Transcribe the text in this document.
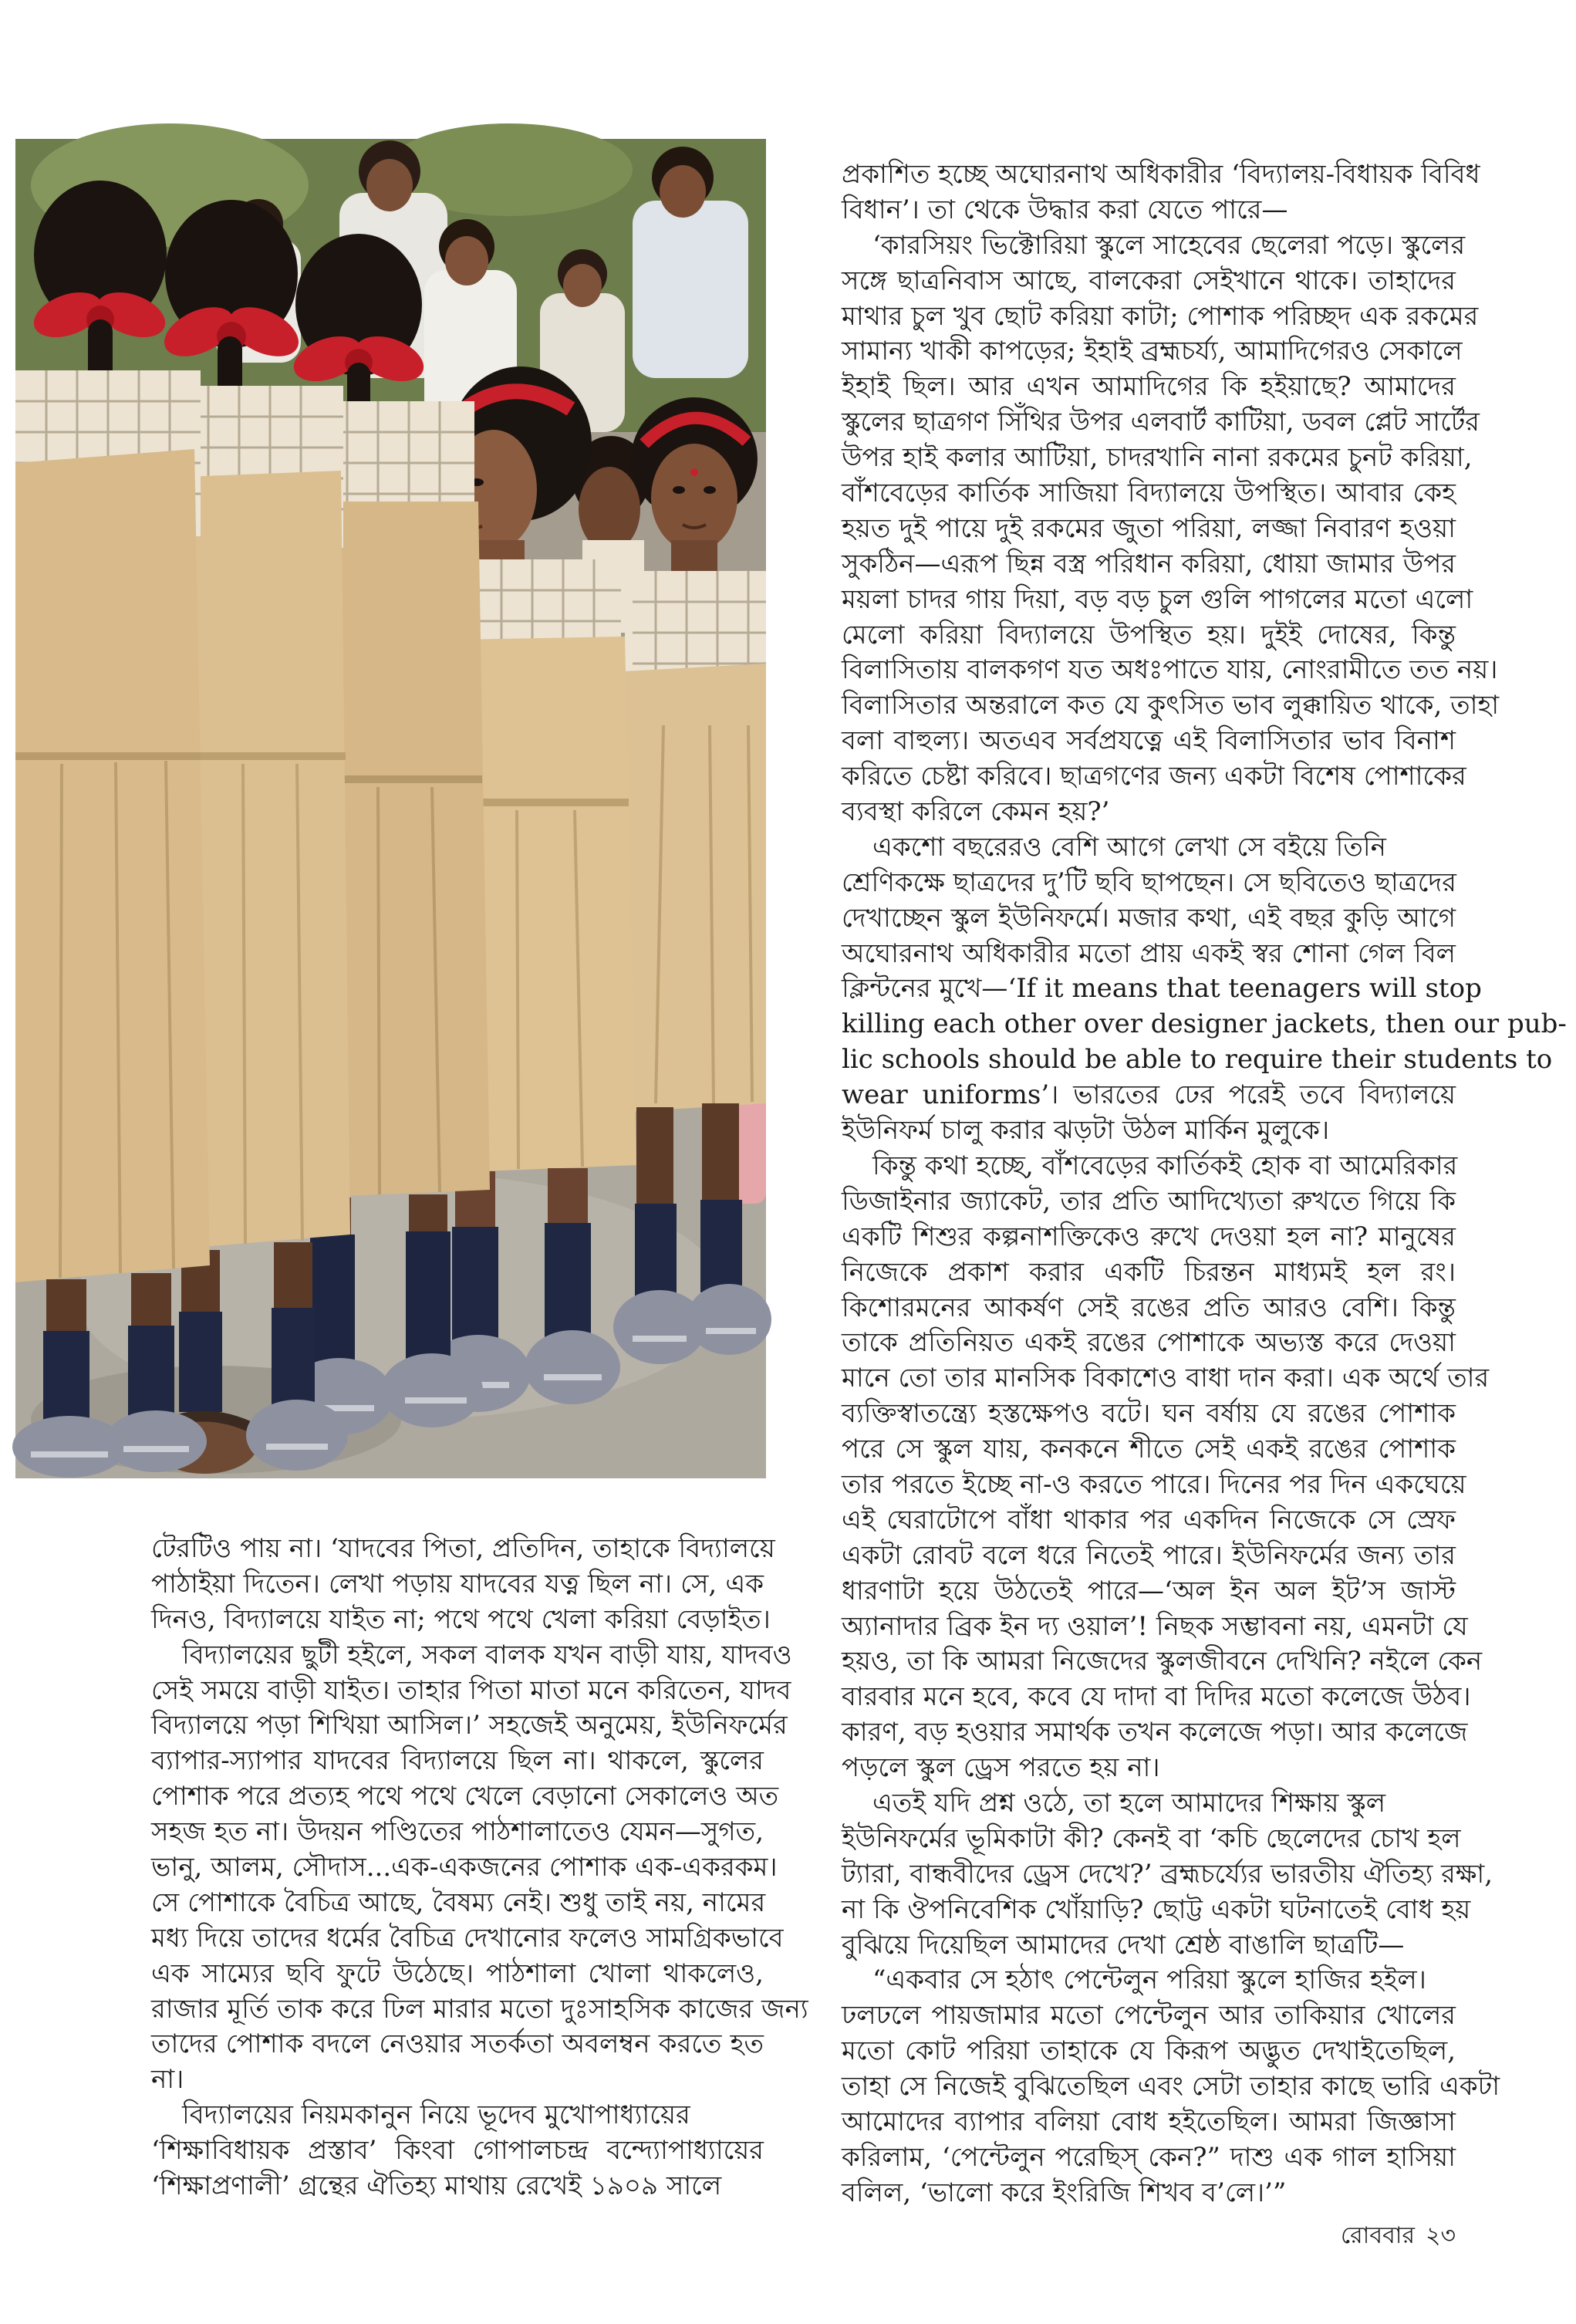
টেরটিও পায় না। ‘যাদবের পিতা, প্রতিদিন, তাহাকে বিদ্যালয়ে
পাঠাইয়া দিতেন। লেখা পড়ায় যাদবের যত্ন ছিল না। সে, এক
দিনও, বিদ্যালয়ে যাইত না; পথে পথে খেলা করিয়া বেড়াইত।
বিদ্যালয়ের ছুটী হইলে, সকল বালক যখন বাড়ী যায়, যাদবও
সেই সময়ে বাড়ী যাইত। তাহার পিতা মাতা মনে করিতেন, যাদব
বিদ্যালয়ে পড়া শিখিয়া আসিল।’ সহজেই অনুমেয়, ইউনিফর্মের
ব্যাপার-স্যাপার যাদবের বিদ্যালয়ে ছিল না। থাকলে, স্কুলের
পোশাক পরে প্রত্যহ পথে পথে খেলে বেড়ানো সেকালেও অত
সহজ হত না। উদয়ন পণ্ডিতের পাঠশালাতেও যেমন—সুগত,
ভানু, আলম, সৌদাস...এক-একজনের পোশাক এক-একরকম।
সে পোশাকে বৈচিত্র আছে, বৈষম্য নেই। শুধু তাই নয়, নামের
মধ্য দিয়ে তাদের ধর্মের বৈচিত্র দেখানোর ফলেও সামগ্রিকভাবে
এক সাম্যের ছবি ফুটে উঠেছে। পাঠশালা খোলা থাকলেও,
রাজার মূর্তি তাক করে ঢিল মারার মতো দুঃসাহসিক কাজের জন্য
তাদের পোশাক বদলে নেওয়ার সতর্কতা অবলম্বন করতে হত
না।
বিদ্যালয়ের নিয়মকানুন নিয়ে ভূদেব মুখোপাধ্যায়ের
‘শিক্ষাবিধায়ক প্রস্তাব’ কিংবা গোপালচন্দ্র বন্দ্যোপাধ্যায়ের
‘শিক্ষাপ্রণালী’ গ্রন্থের ঐতিহ্য মাথায় রেখেই ১৯০৯ সালে
প্রকাশিত হচ্ছে অঘোরনাথ অধিকারীর ‘বিদ্যালয়-বিধায়ক বিবিধ
বিধান’। তা থেকে উদ্ধার করা যেতে পারে—
‘কারসিয়ং ভিক্টোরিয়া স্কুলে সাহেবের ছেলেরা পড়ে। স্কুলের
সঙ্গে ছাত্রনিবাস আছে, বালকেরা সেইখানে থাকে। তাহাদের
মাথার চুল খুব ছোট করিয়া কাটা; পোশাক পরিচ্ছদ এক রকমের
সামান্য খাকী কাপড়ের; ইহাই ব্রহ্মচর্য্য, আমাদিগেরও সেকালে
ইহাই ছিল। আর এখন আমাদিগের কি হইয়াছে? আমাদের
স্কুলের ছাত্রগণ সিঁথির উপর এলবার্ট কাটিয়া, ডবল প্লেট সার্টের
উপর হাই কলার আটিয়া, চাদরখানি নানা রকমের চুনট করিয়া,
বাঁশবেড়ের কার্তিক সাজিয়া বিদ্যালয়ে উপস্থিত। আবার কেহ
হয়ত দুই পায়ে দুই রকমের জুতা পরিয়া, লজ্জা নিবারণ হওয়া
সুকঠিন—এরূপ ছিন্ন বস্ত্র পরিধান করিয়া, ধোয়া জামার উপর
ময়লা চাদর গায় দিয়া, বড় বড় চুল গুলি পাগলের মতো এলো
মেলো করিয়া বিদ্যালয়ে উপস্থিত হয়। দুইই দোষের, কিন্তু
বিলাসিতায় বালকগণ যত অধঃপাতে যায়, নোংরামীতে তত নয়।
বিলাসিতার অন্তরালে কত যে কুৎসিত ভাব লুক্কায়িত থাকে, তাহা
বলা বাহুল্য। অতএব সর্বপ্রযত্নে এই বিলাসিতার ভাব বিনাশ
করিতে চেষ্টা করিবে। ছাত্রগণের জন্য একটা বিশেষ পোশাকের
ব্যবস্থা করিলে কেমন হয়?’
একশো বছরেরও বেশি আগে লেখা সে বইয়ে তিনি
শ্রেণিকক্ষে ছাত্রদের দু’টি ছবি ছাপছেন। সে ছবিতেও ছাত্রদের
দেখাচ্ছেন স্কুল ইউনিফর্মে। মজার কথা, এই বছর কুড়ি আগে
অঘোরনাথ অধিকারীর মতো প্রায় একই স্বর শোনা গেল বিল
ক্লিন্টনের মুখে—‘If it means that teenagers will stop
killing each other over designer jackets, then our pub-
lic schools should be able to require their students to
wear uniforms’। ভারতের ঢের পরেই তবে বিদ্যালয়ে
ইউনিফর্ম চালু করার ঝড়টা উঠল মার্কিন মুলুকে।
কিন্তু কথা হচ্ছে, বাঁশবেড়ের কার্তিকই হোক বা আমেরিকার
ডিজাইনার জ্যাকেট, তার প্রতি আদিখ্যেতা রুখতে গিয়ে কি
একটি শিশুর কল্পনাশক্তিকেও রুখে দেওয়া হল না? মানুষের
নিজেকে প্রকাশ করার একটি চিরন্তন মাধ্যমই হল রং।
কিশোরমনের আকর্ষণ সেই রঙের প্রতি আরও বেশি। কিন্তু
তাকে প্রতিনিয়ত একই রঙের পোশাকে অভ্যস্ত করে দেওয়া
মানে তো তার মানসিক বিকাশেও বাধা দান করা। এক অর্থে তার
ব্যক্তিস্বাতন্ত্র্যে হস্তক্ষেপও বটে। ঘন বর্ষায় যে রঙের পোশাক
পরে সে স্কুল যায়, কনকনে শীতে সেই একই রঙের পোশাক
তার পরতে ইচ্ছে না-ও করতে পারে। দিনের পর দিন একঘেয়ে
এই ঘেরাটোপে বাঁধা থাকার পর একদিন নিজেকে সে স্রেফ
একটা রোবট বলে ধরে নিতেই পারে। ইউনিফর্মের জন্য তার
ধারণাটা হয়ে উঠতেই পারে—‘অল ইন অল ইট’স জাস্ট
অ্যানাদার ব্রিক ইন দ্য ওয়াল’! নিছক সম্ভাবনা নয়, এমনটা যে
হয়ও, তা কি আমরা নিজেদের স্কুলজীবনে দেখিনি? নইলে কেন
বারবার মনে হবে, কবে যে দাদা বা দিদির মতো কলেজে উঠব।
কারণ, বড় হওয়ার সমার্থক তখন কলেজে পড়া। আর কলেজে
পড়লে স্কুল ড্রেস পরতে হয় না।
এতই যদি প্রশ্ন ওঠে, তা হলে আমাদের শিক্ষায় স্কুল
ইউনিফর্মের ভূমিকাটা কী? কেনই বা ‘কচি ছেলেদের চোখ হল
ট্যারা, বান্ধবীদের ড্রেস দেখে?’ ব্রহ্মচর্য্যের ভারতীয় ঐতিহ্য রক্ষা,
না কি ঔপনিবেশিক খোঁয়াড়ি? ছোট্ট একটা ঘটনাতেই বোধ হয়
বুঝিয়ে দিয়েছিল আমাদের দেখা শ্রেষ্ঠ বাঙালি ছাত্রটি—
“একবার সে হঠাৎ পেন্টেলুন পরিয়া স্কুলে হাজির হইল।
ঢলঢলে পায়জামার মতো পেন্টেলুন আর তাকিয়ার খোলের
মতো কোট পরিয়া তাহাকে যে কিরূপ অদ্ভুত দেখাইতেছিল,
তাহা সে নিজেই বুঝিতেছিল এবং সেটা তাহার কাছে ভারি একটা
আমোদের ব্যাপার বলিয়া বোধ হইতেছিল। আমরা জিজ্ঞাসা
করিলাম, ‘পেন্টেলুন পরেছিস্ কেন?” দাশু এক গাল হাসিয়া
বলিল, ‘ভালো করে ইংরিজি শিখব ব’লে।’”
রোববার ২৩
